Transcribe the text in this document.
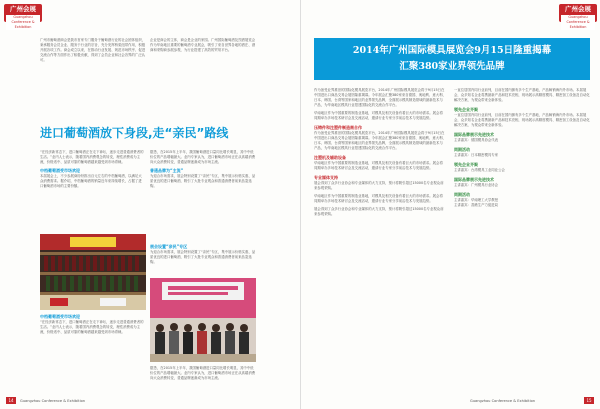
广州会展
Guangzhou Conference & Exhibition

广州市葡萄酒商会是我市首家专门服务于葡萄酒行业的社会团体组织，秉承服务会员企业、服务于行业的宗旨，充分发挥桥梁纽带作用，积极开展各项工作。商会成立以来，在推动行业发展、规范市场秩序、促进交流合作等方面作出了积极贡献，得到了会员企业和社会各界的广泛认可。

企业是商会的主体，商会是企业的家园。广州国际葡萄酒及烈酒展览会作为华南地区重要的葡萄酒专业展会，吸引了来自世界各地的酒庄、酒商和采购商参展参观，为行业搭建了高效的贸易平台。

进口葡萄酒放下身段,走“亲民”路线

“在经济新常态下，进口葡萄酒正在走下神坛，逐步走进普通消费者的生活。”业内人士表示，随着国内消费观念的转变，理性消费成为主流，价格适中、品质可靠的葡萄酒越来越受到市场青睐。

中档葡萄酒受市场欢迎

本届展会上，不少参展商纷纷推出百元左右的中档葡萄酒，以满足大众消费需求。据介绍，中档葡萄酒的销量近年来持续增长，占据了进口葡萄酒市场的主要份额。

据悉，在2015年上半年，我国葡萄酒进口量同比增长明显，其中中低价位的产品增幅最大。业内专家认为，进口葡萄酒市场正在从高端消费向大众消费转变，普通品牌逐渐成为市场主流。

普通品牌为“主流”

为迎合市场需求，展会特别设置了“亲民”专区，集中展示价格实惠、品质优良的进口葡萄酒，吸引了大批专业观众和普通消费者前来品鉴选购。

中档葡萄酒受市场欢迎

“在经济新常态下，进口葡萄酒正在走下神坛，逐步走进普通消费者的生活。”业内人士表示，随着国内消费观念的转变，理性消费成为主流，价格适中、品质可靠的葡萄酒越来越受到市场青睐。

展会设置“亲民”专区

为迎合市场需求，展会特别设置了“亲民”专区，集中展示价格实惠、品质优良的进口葡萄酒，吸引了大批专业观众和普通消费者前来品鉴选购。

据悉，在2015年上半年，我国葡萄酒进口量同比增长明显，其中中低价位的产品增幅最大。业内专家认为，进口葡萄酒市场正在从高端消费向大众消费转变，普通品牌逐渐成为市场主流。

14	Guangzhou Conference & Exhibition
广州会展
Guangzhou Conference & Exhibition
2014年广州国际模具展览会9月15日隆重揭幕
汇聚380家业界领先品牌

作为备受业界推崇的国际化模具展览平台，2014年广州国际模具展览会将于9月15日在中国进出口商品交易会展馆隆重揭幕。今年展会汇聚380家来自德国、奥地利、意大利、日本、韩国、台湾等国家和地区的业界领先品牌，全面展示模具制造领域的最新技术与产品，为华南地区模具行业搭建国际化的交流合作平台。

华南地区作为中国重要的制造业基地，对模具及相关设备有着巨大的市场需求。展会将同期举办多场技术研讨会及交流活动，邀请行业专家分享前沿技术与发展趋势。

压铸件和注塑件制造商合作

作为备受业界推崇的国际化模具展览平台，2014年广州国际模具展览会将于9月15日在中国进出口商品交易会展馆隆重揭幕。今年展会汇聚380家来自德国、奥地利、意大利、日本、韩国、台湾等国家和地区的业界领先品牌，全面展示模具制造领域的最新技术与产品，为华南地区模具行业搭建国际化的交流合作平台。

注塑机及辅助设备

华南地区作为中国重要的制造业基地，对模具及相关设备有着巨大的市场需求。展会将同期举办多场技术研讨会及交流活动，邀请行业专家分享前沿技术与发展趋势。

专业媒体支持

展会得到了众多行业协会和专业媒体的大力支持，预计将吸引超过15000名专业观众前来参观采购。

华南地区作为中国重要的制造业基地，对模具及相关设备有着巨大的市场需求。展会将同期举办多场技术研讨会及交流活动，邀请行业专家分享前沿技术与发展趋势。

展会得到了众多行业协会和专业媒体的大力支持，预计将吸引超过15000名专业观众前来参观采购。

一直位居国内同行业前列，目前在国内拥有多个生产基地，产品畅销海内外市场。本届展会，众多知名企业将携最新产品和技术亮相，现场展示高精度模具、精密加工设备及自动化解决方案，为观众带来全新体验。

领先企业齐聚

一直位居国内同行业前列，目前在国内拥有多个生产基地，产品畅销海内外市场。本届展会，众多知名企业将携最新产品和技术亮相，现场展示高精度模具、精密加工设备及自动化解决方案，为观众带来全新体验。

国际品牌展示先进技术

主讲嘉宾：德国模具协会代表

同期活动

主讲嘉宾：日本精密模具专家

领先企业齐聚

主讲嘉宾：台湾模具工业同业公会

国际品牌展示先进技术

主讲嘉宾：广州模具行业协会

同期活动

主讲嘉宾：华南理工大学教授

主讲嘉宾：香港生产力促进局

Guangzhou Conference & Exhibition	15
